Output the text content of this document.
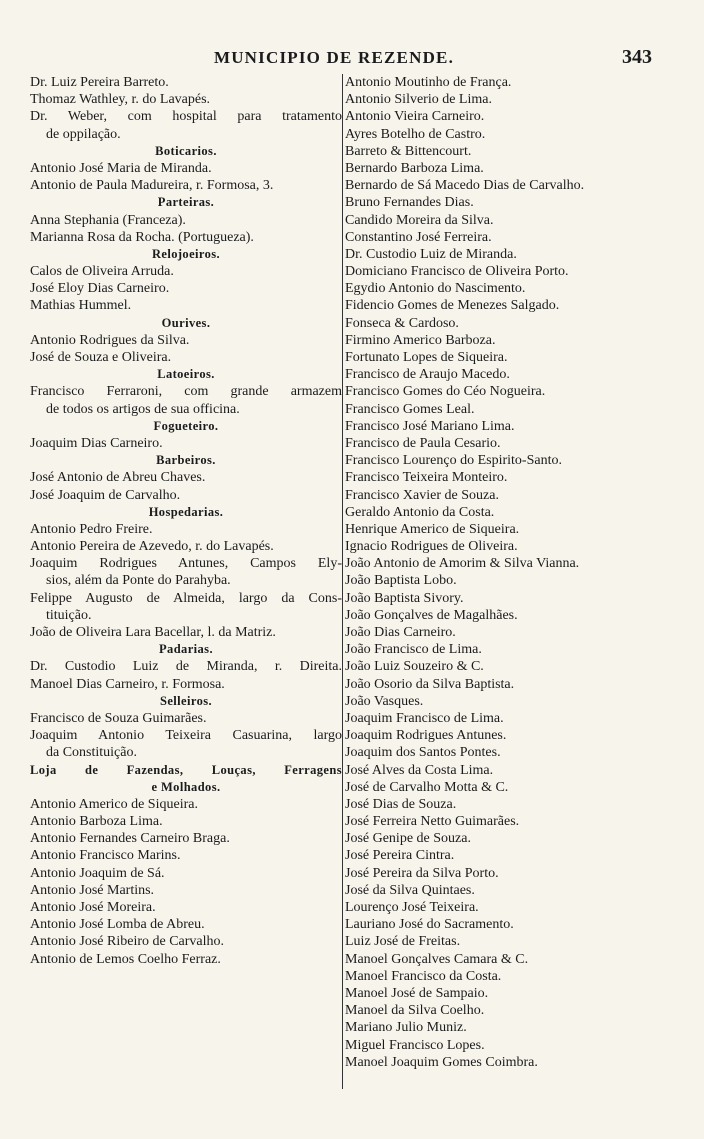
MUNICIPIO DE REZENDE.	343
Dr. Luiz Pereira Barreto.
Thomaz Wathley, r. do Lavapés.
Dr. Weber, com hospital para tratamento
de oppilação.
Boticarios.
Antonio José Maria de Miranda.
Antonio de Paula Madureira, r. Formosa, 3.
Parteiras.
Anna Stephania (Franceza).
Marianna Rosa da Rocha. (Portugueza).
Relojoeiros.
Calos de Oliveira Arruda.
José Eloy Dias Carneiro.
Mathias Hummel.
Ourives.
Antonio Rodrigues da Silva.
José de Souza e Oliveira.
Latoeiros.
Francisco Ferraroni, com grande armazem
de todos os artigos de sua officina.
Fogueteiro.
Joaquim Dias Carneiro.
Barbeiros.
José Antonio de Abreu Chaves.
José Joaquim de Carvalho.
Hospedarias.
Antonio Pedro Freire.
Antonio Pereira de Azevedo, r. do Lavapés.
Joaquim Rodrigues Antunes, Campos Ely-
sios, além da Ponte do Parahyba.
Felippe Augusto de Almeida, largo da Cons-
tituição.
João de Oliveira Lara Bacellar, l. da Matriz.
Padarias.
Dr. Custodio Luiz de Miranda, r. Direita.
Manoel Dias Carneiro, r. Formosa.
Selleiros.
Francisco de Souza Guimarães.
Joaquim Antonio Teixeira Casuarina, largo
da Constituição.
Loja de Fazendas, Louças, Ferragens
e Molhados.
Antonio Americo de Siqueira.
Antonio Barboza Lima.
Antonio Fernandes Carneiro Braga.
Antonio Francisco Marins.
Antonio Joaquim de Sá.
Antonio José Martins.
Antonio José Moreira.
Antonio José Lomba de Abreu.
Antonio José Ribeiro de Carvalho.
Antonio de Lemos Coelho Ferraz.
Antonio Moutinho de França.
Antonio Silverio de Lima.
Antonio Vieira Carneiro.
Ayres Botelho de Castro.
Barreto & Bittencourt.
Bernardo Barboza Lima.
Bernardo de Sá Macedo Dias de Carvalho.
Bruno Fernandes Dias.
Candido Moreira da Silva.
Constantino José Ferreira.
Dr. Custodio Luiz de Miranda.
Domiciano Francisco de Oliveira Porto.
Egydio Antonio do Nascimento.
Fidencio Gomes de Menezes Salgado.
Fonseca & Cardoso.
Firmino Americo Barboza.
Fortunato Lopes de Siqueira.
Francisco de Araujo Macedo.
Francisco Gomes do Céo Nogueira.
Francisco Gomes Leal.
Francisco José Mariano Lima.
Francisco de Paula Cesario.
Francisco Lourenço do Espirito-Santo.
Francisco Teixeira Monteiro.
Francisco Xavier de Souza.
Geraldo Antonio da Costa.
Henrique Americo de Siqueira.
Ignacio Rodrigues de Oliveira.
João Antonio de Amorim & Silva Vianna.
João Baptista Lobo.
João Baptista Sivory.
João Gonçalves de Magalhães.
João Dias Carneiro.
João Francisco de Lima.
João Luiz Souzeiro & C.
João Osorio da Silva Baptista.
João Vasques.
Joaquim Francisco de Lima.
Joaquim Rodrigues Antunes.
Joaquim dos Santos Pontes.
José Alves da Costa Lima.
José de Carvalho Motta & C.
José Dias de Souza.
José Ferreira Netto Guimarães.
José Genipe de Souza.
José Pereira Cintra.
José Pereira da Silva Porto.
José da Silva Quintaes.
Lourenço José Teixeira.
Lauriano José do Sacramento.
Luiz José de Freitas.
Manoel Gonçalves Camara & C.
Manoel Francisco da Costa.
Manoel José de Sampaio.
Manoel da Silva Coelho.
Mariano Julio Muniz.
Miguel Francisco Lopes.
Manoel Joaquim Gomes Coimbra.
